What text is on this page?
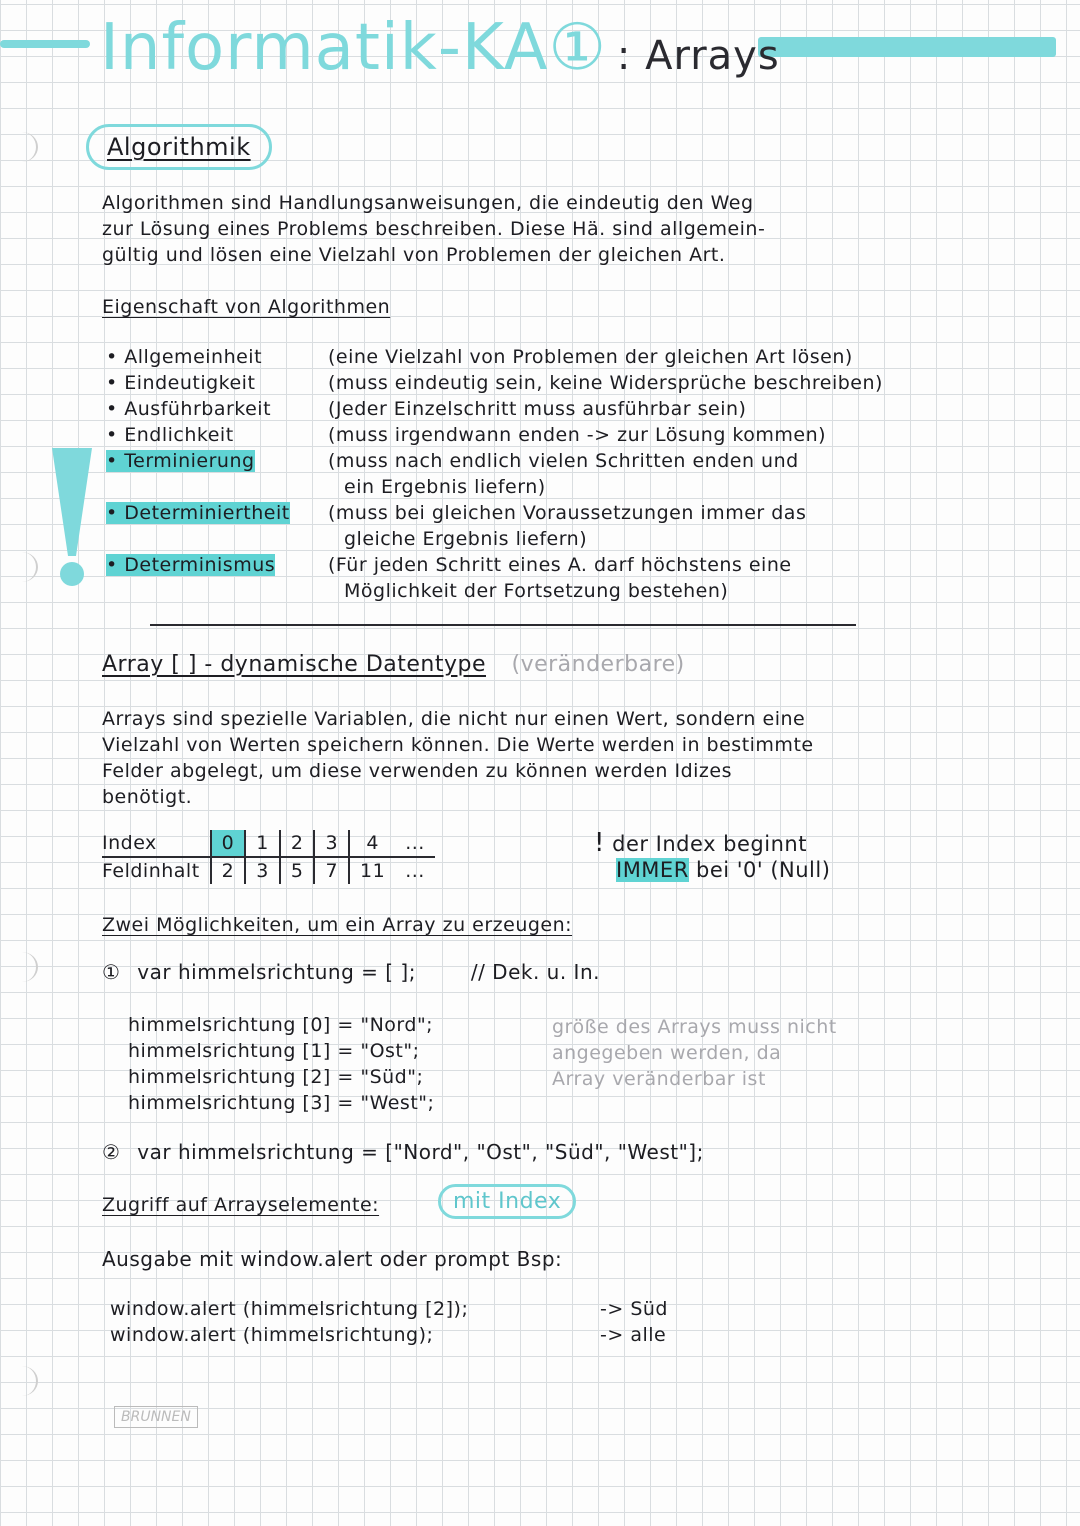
Informatik-KA① : Arrays
Algorithmik
Algorithmen sind Handlungsanweisungen, die eindeutig den Weg
zur Lösung eines Problems beschreiben. Diese Hä. sind allgemein-
gültig und lösen eine Vielzahl von Problemen der gleichen Art.
Eigenschaft von Algorithmen
• Allgemeinheit	(eine Vielzahl von Problemen der gleichen Art lösen)
• Eindeutigkeit	(muss eindeutig sein, keine Widersprüche beschreiben)
• Ausführbarkeit	(Jeder Einzelschritt muss ausführbar sein)
• Endlichkeit	(muss irgendwann enden -> zur Lösung kommen)
• Terminierung	(muss nach endlich vielen Schritten enden und
ein Ergebnis liefern)
• Determiniertheit (muss bei gleichen Voraussetzungen immer das
gleiche Ergebnis liefern)
• Determinismus	(Für jeden Schritt eines A. darf höchstens eine
Möglichkeit der Fortsetzung bestehen)
Array [ ] - dynamische Datentype (veränderbare)
Arrays sind spezielle Variablen, die nicht nur einen Wert, sondern eine
Vielzahl von Werten speichern können. Die Werte werden in bestimmte
Felder abgelegt, um diese verwenden zu können werden Idizes
benötigt.
Index	0	1	2	3	4	...
Feldinhalt	2	3	5	7	11	...
! der Index beginnt
IMMER bei '0' (Null)
Zwei Möglichkeiten, um ein Array zu erzeugen:
① var himmelsrichtung = [ ];	// Dek. u. In.
himmelsrichtung [0] = "Nord";
himmelsrichtung [1] = "Ost";
himmelsrichtung [2] = "Süd";
himmelsrichtung [3] = "West";
größe des Arrays muss nicht
angegeben werden, da
Array veränderbar ist
② var himmelsrichtung = ["Nord", "Ost", "Süd", "West"];
Zugriff auf Arrayselemente:	mit Index
Ausgabe mit window.alert oder prompt Bsp:
window.alert (himmelsrichtung [2]);	-> Süd
window.alert (himmelsrichtung);	-> alle
BRUNNEN
